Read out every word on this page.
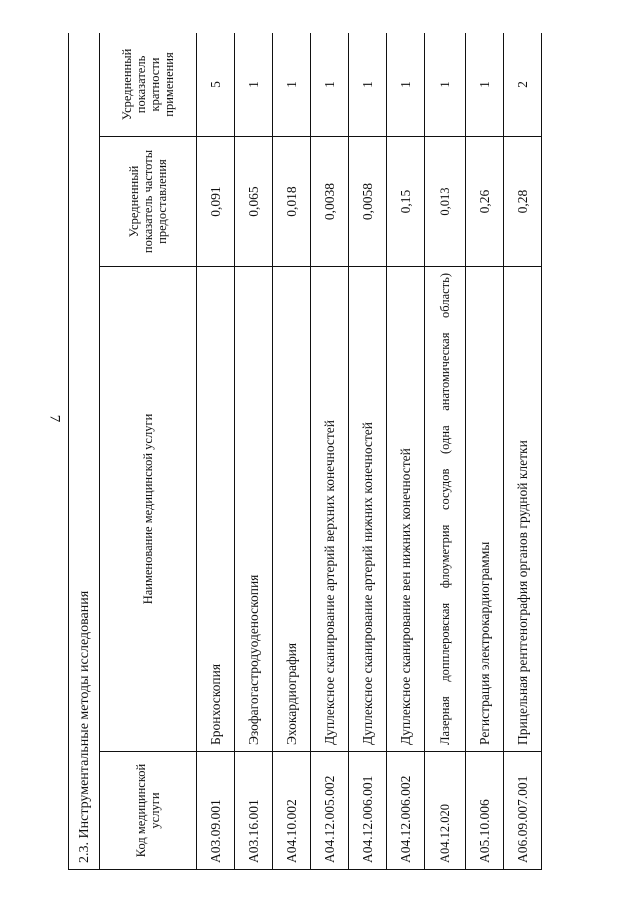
7
2.3. Инструментальные методы исследования			
Код медицинской услуги	Наименование медицинской услуги	Усредненный показатель частоты предоставления	Усредненный показатель кратности применения
A03.09.001	Бронхоскопия	0,091	5
A03.16.001	Эзофагогастродуоденоскопия	0,065	1
A04.10.002	Эхокардиография	0,018	1
A04.12.005.002	Дуплексное сканирование артерий верхних конечностей	0,0038	1
A04.12.006.001	Дуплексное сканирование артерий нижних конечностей	0,0058	1
A04.12.006.002	Дуплексное сканирование вен нижних конечностей	0,15	1
A04.12.020	Лазерная допплеровская флоуметрия сосудов (одна анатомическая область)	0,013	1
A05.10.006	Регистрация электрокардиограммы	0,26	1
A06.09.007.001	Прицельная рентгенография органов грудной клетки	0,28	2
